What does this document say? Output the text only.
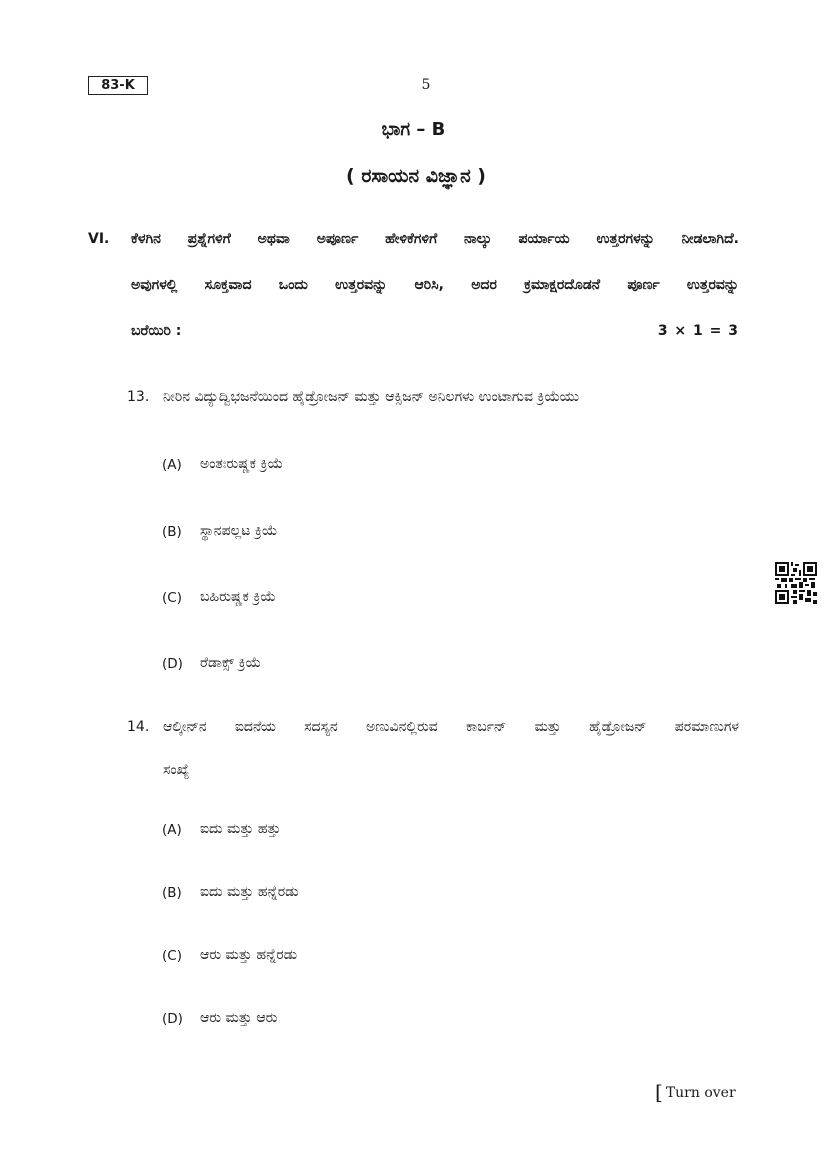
83-K	5
ಭಾಗ – B
( ರಸಾಯನ ವಿಜ್ಞಾನ )
VI. ಕೆಳಗಿನ ಪ್ರಶ್ನೆಗಳಿಗೆ ಅಥವಾ ಅಪೂರ್ಣ ಹೇಳಿಕೆಗಳಿಗೆ ನಾಲ್ಕು ಪರ್ಯಾಯ ಉತ್ತರಗಳನ್ನು ನೀಡಲಾಗಿದೆ.
ಅವುಗಳಲ್ಲಿ ಸೂಕ್ತವಾದ ಒಂದು ಉತ್ತರವನ್ನು ಆರಿಸಿ, ಅದರ ಕ್ರಮಾಕ್ಷರದೊಡನೆ ಪೂರ್ಣ ಉತ್ತರವನ್ನು
ಬರೆಯಿರಿ :	3 × 1 = 3
13. ನೀರಿನ ವಿದ್ಯುದ್ವಿಭಜನೆಯಿಂದ ಹೈಡ್ರೋಜನ್ ಮತ್ತು ಆಕ್ಸಿಜನ್ ಅನಿಲಗಳು ಉಂಟಾಗುವ ಕ್ರಿಯೆಯು
(A) ಅಂತಃರುಷ್ಣಕ ಕ್ರಿಯೆ
(B) ಸ್ಥಾನಪಲ್ಲಟ ಕ್ರಿಯೆ
(C) ಬಹಿರುಷ್ಣಕ ಕ್ರಿಯೆ
(D) ರೆಡಾಕ್ಸ್ ಕ್ರಿಯೆ
14. ಆಲ್ಕೀನ್‌ನ ಐದನೆಯ ಸದಸ್ಯನ ಅಣುವಿನಲ್ಲಿರುವ ಕಾರ್ಬನ್ ಮತ್ತು ಹೈಡ್ರೋಜನ್ ಪರಮಾಣುಗಳ
ಸಂಖ್ಯೆ
(A) ಐದು ಮತ್ತು ಹತ್ತು
(B) ಐದು ಮತ್ತು ಹನ್ನೆರಡು
(C) ಆರು ಮತ್ತು ಹನ್ನೆರಡು
(D) ಆರು ಮತ್ತು ಆರು
[ Turn over
